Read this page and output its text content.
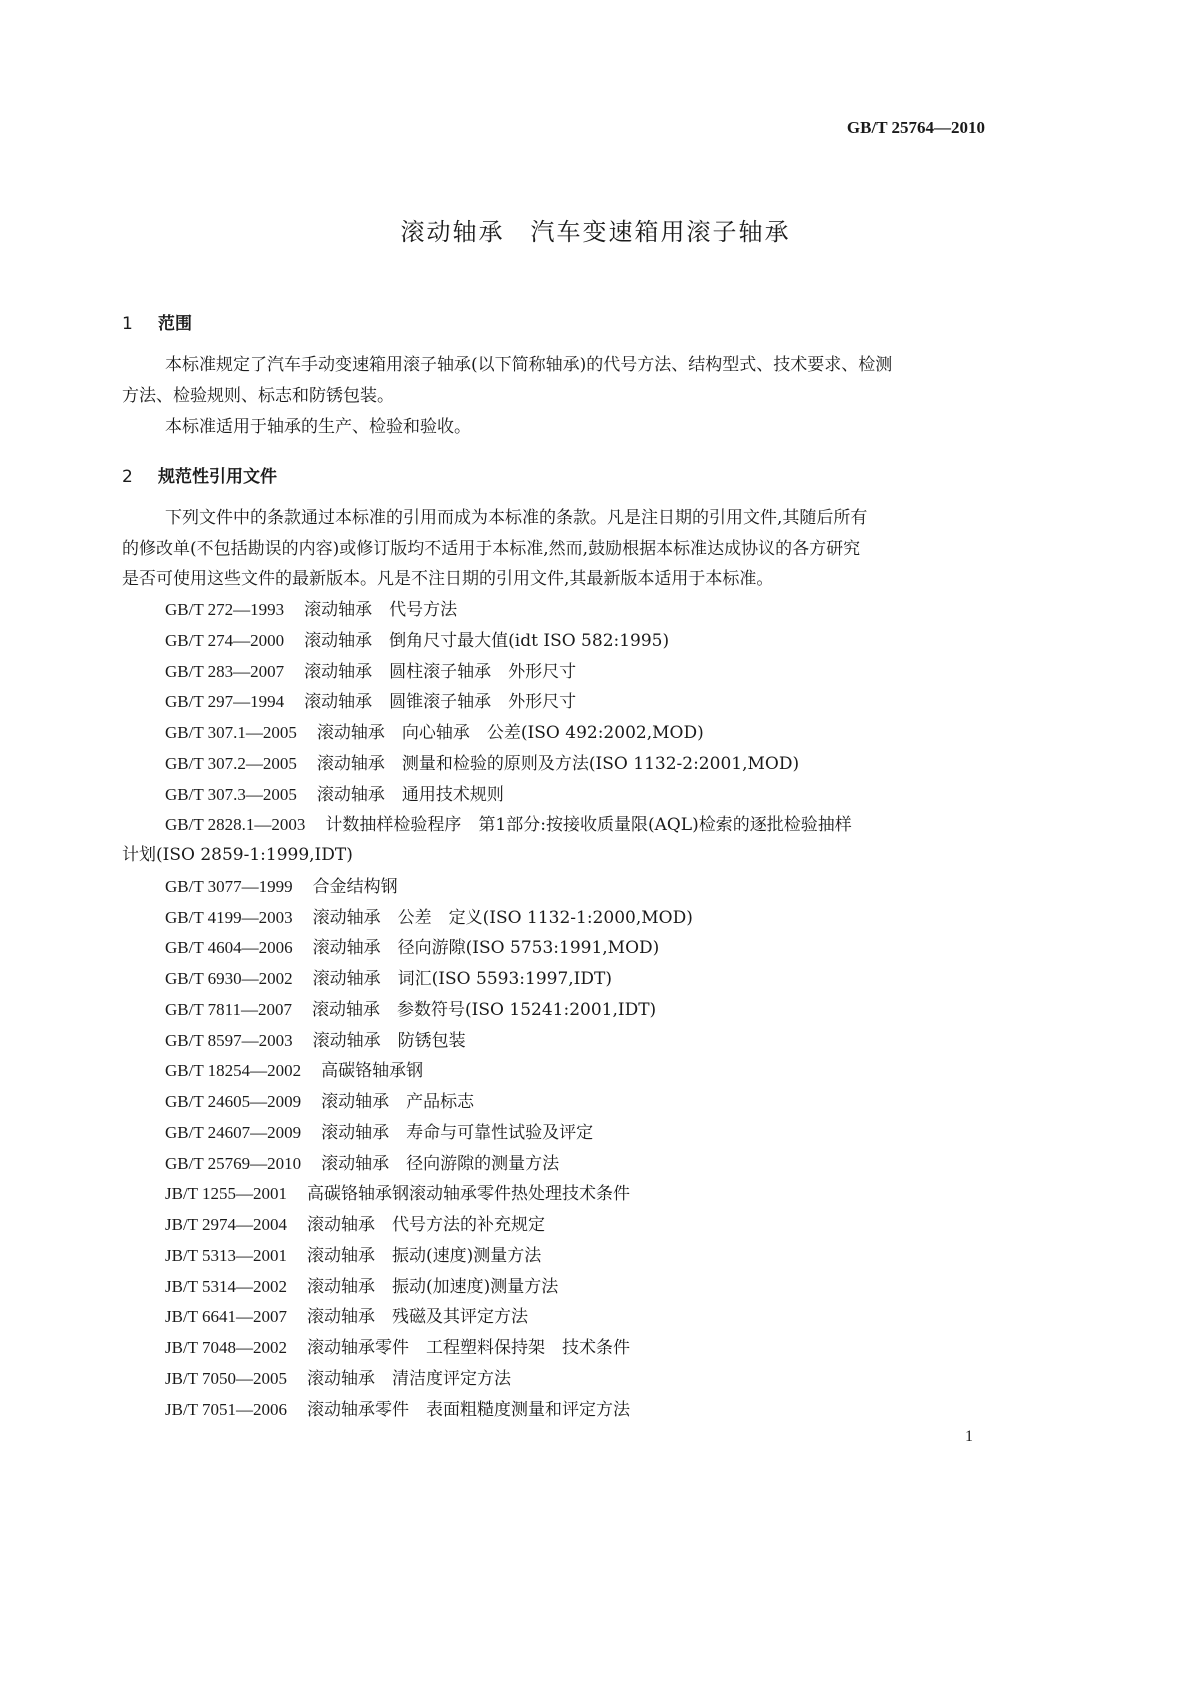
GB/T 25764—2010
滚动轴承　汽车变速箱用滚子轴承
1 范围
本标准规定了汽车手动变速箱用滚子轴承(以下简称轴承)的代号方法、结构型式、技术要求、检测
方法、检验规则、标志和防锈包装。
本标准适用于轴承的生产、检验和验收。
2 规范性引用文件
下列文件中的条款通过本标准的引用而成为本标准的条款。凡是注日期的引用文件,其随后所有
的修改单(不包括勘误的内容)或修订版均不适用于本标准,然而,鼓励根据本标准达成协议的各方研究
是否可使用这些文件的最新版本。凡是不注日期的引用文件,其最新版本适用于本标准。
GB/T 272—1993 滚动轴承　代号方法
GB/T 274—2000 滚动轴承　倒角尺寸最大值(idt ISO 582:1995)
GB/T 283—2007 滚动轴承　圆柱滚子轴承　外形尺寸
GB/T 297—1994 滚动轴承　圆锥滚子轴承　外形尺寸
GB/T 307.1—2005 滚动轴承　向心轴承　公差(ISO 492:2002,MOD)
GB/T 307.2—2005 滚动轴承　测量和检验的原则及方法(ISO 1132-2:2001,MOD)
GB/T 307.3—2005 滚动轴承　通用技术规则
GB/T 2828.1—2003 计数抽样检验程序　第1部分:按接收质量限(AQL)检索的逐批检验抽样
计划(ISO 2859-1:1999,IDT)
GB/T 3077—1999 合金结构钢
GB/T 4199—2003 滚动轴承　公差　定义(ISO 1132-1:2000,MOD)
GB/T 4604—2006 滚动轴承　径向游隙(ISO 5753:1991,MOD)
GB/T 6930—2002 滚动轴承　词汇(ISO 5593:1997,IDT)
GB/T 7811—2007 滚动轴承　参数符号(ISO 15241:2001,IDT)
GB/T 8597—2003 滚动轴承　防锈包装
GB/T 18254—2002 高碳铬轴承钢
GB/T 24605—2009 滚动轴承　产品标志
GB/T 24607—2009 滚动轴承　寿命与可靠性试验及评定
GB/T 25769—2010 滚动轴承　径向游隙的测量方法
JB/T 1255—2001 高碳铬轴承钢滚动轴承零件热处理技术条件
JB/T 2974—2004 滚动轴承　代号方法的补充规定
JB/T 5313—2001 滚动轴承　振动(速度)测量方法
JB/T 5314—2002 滚动轴承　振动(加速度)测量方法
JB/T 6641—2007 滚动轴承　残磁及其评定方法
JB/T 7048—2002 滚动轴承零件　工程塑料保持架　技术条件
JB/T 7050—2005 滚动轴承　清洁度评定方法
JB/T 7051—2006 滚动轴承零件　表面粗糙度测量和评定方法
1
